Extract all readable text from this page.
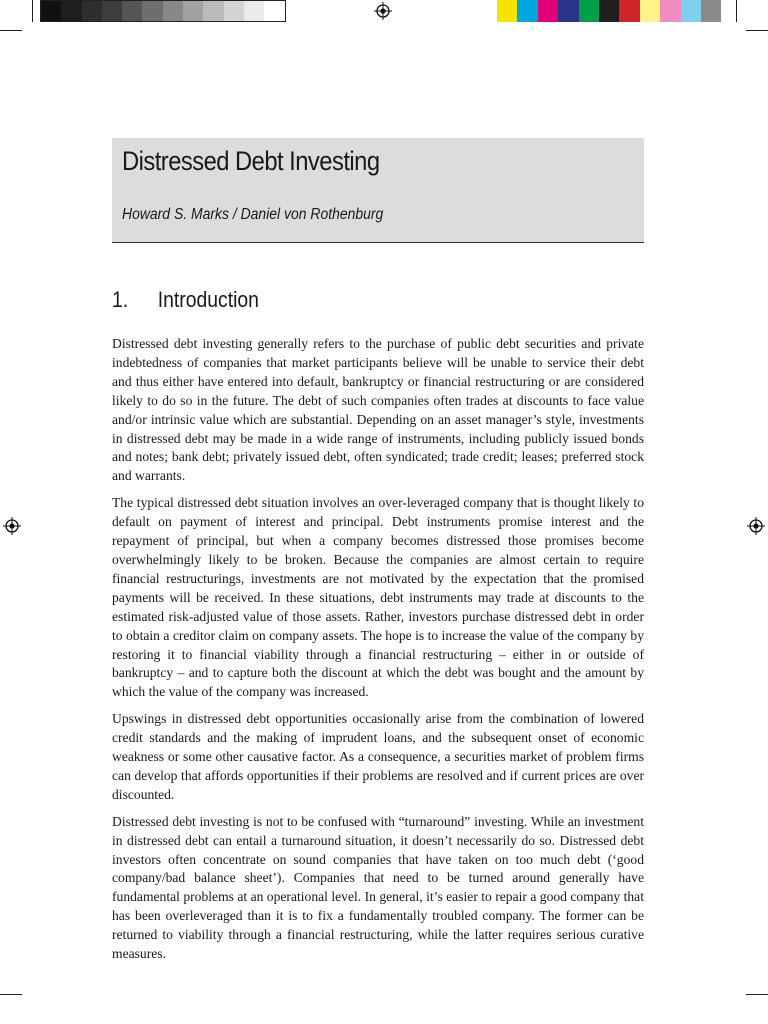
Distressed Debt Investing
Howard S. Marks / Daniel von Rothenburg
1. Introduction

Distressed debt investing generally refers to the purchase of public debt securities and private indebtedness of companies that market participants believe will be unable to service their debt and thus either have entered into default, bankruptcy or financial restructuring or are considered likely to do so in the future. The debt of such companies often trades at discounts to face value and/or intrinsic value which are substantial. Depending on an asset manager’s style, investments in distressed debt may be made in a wide range of instruments, including publicly issued bonds and notes; bank debt; privately issued debt, often syndicated; trade credit; leases; preferred stock and warrants.

The typical distressed debt situation involves an over-leveraged company that is thought likely to default on payment of interest and principal. Debt instruments promise interest and the repayment of principal, but when a company becomes distressed those promises become overwhelmingly likely to be broken. Because the companies are almost certain to require financial restructurings, investments are not motivated by the expectation that the promised payments will be received. In these situations, debt instruments may trade at discounts to the estimated risk-adjusted value of those assets. Rather, investors purchase distressed debt in order to obtain a creditor claim on company assets. The hope is to increase the value of the company by restoring it to financial viability through a financial restructuring – either in or outside of bankruptcy – and to capture both the discount at which the debt was bought and the amount by which the value of the company was increased.

Upswings in distressed debt opportunities occasionally arise from the combination of lowered credit standards and the making of imprudent loans, and the subsequent onset of economic weakness or some other causative factor. As a consequence, a securities market of problem firms can develop that affords opportunities if their problems are resolved and if current prices are over discounted.

Distressed debt investing is not to be confused with “turnaround” investing. While an investment in distressed debt can entail a turnaround situation, it doesn’t necessarily do so. Distressed debt investors often concentrate on sound companies that have taken on too much debt (‘good company/bad balance sheet’). Companies that need to be turned around generally have fundamental problems at an operational level. In general, it’s easier to repair a good company that has been overleveraged than it is to fix a fundamentally troubled company. The former can be returned to viability through a financial restructuring, while the latter requires serious curative measures.
